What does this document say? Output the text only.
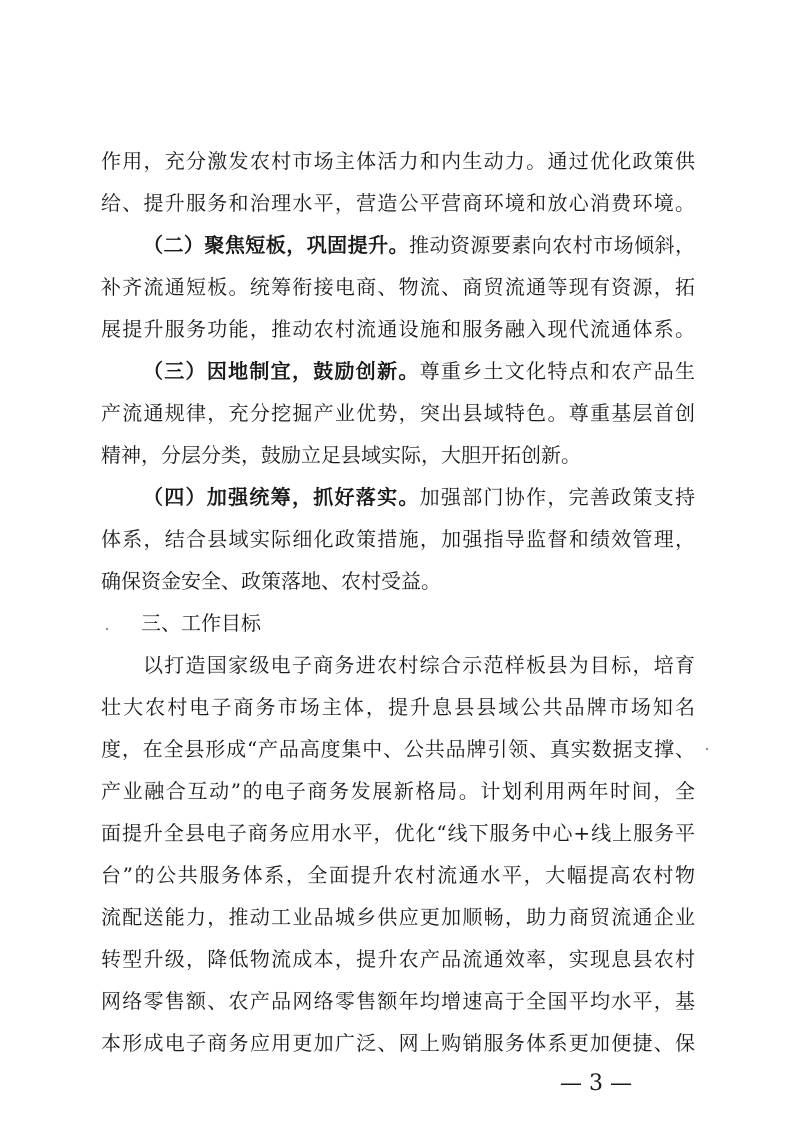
作用，充分激发农村市场主体活力和内生动力。通过优化政策供
给、提升服务和治理水平，营造公平营商环境和放心消费环境。
（二）聚焦短板，巩固提升。推动资源要素向农村市场倾斜，
补齐流通短板。统筹衔接电商、物流、商贸流通等现有资源，拓
展提升服务功能，推动农村流通设施和服务融入现代流通体系。
（三）因地制宜，鼓励创新。尊重乡土文化特点和农产品生
产流通规律，充分挖掘产业优势，突出县域特色。尊重基层首创
精神，分层分类，鼓励立足县域实际，大胆开拓创新。
（四）加强统筹，抓好落实。加强部门协作，完善政策支持
体系，结合县域实际细化政策措施，加强指导监督和绩效管理，
确保资金安全、政策落地、农村受益。
三、工作目标
以打造国家级电子商务进农村综合示范样板县为目标，培育
壮大农村电子商务市场主体，提升息县县域公共品牌市场知名
度，在全县形成“产品高度集中、公共品牌引领、真实数据支撑、
产业融合互动”的电子商务发展新格局。计划利用两年时间，全
面提升全县电子商务应用水平，优化“线下服务中心+线上服务平
台”的公共服务体系，全面提升农村流通水平，大幅提高农村物
流配送能力，推动工业品城乡供应更加顺畅，助力商贸流通企业
转型升级，降低物流成本，提升农产品流通效率，实现息县农村
网络零售额、农产品网络零售额年均增速高于全国平均水平，基
本形成电子商务应用更加广泛、网上购销服务体系更加便捷、保
— 3 —
